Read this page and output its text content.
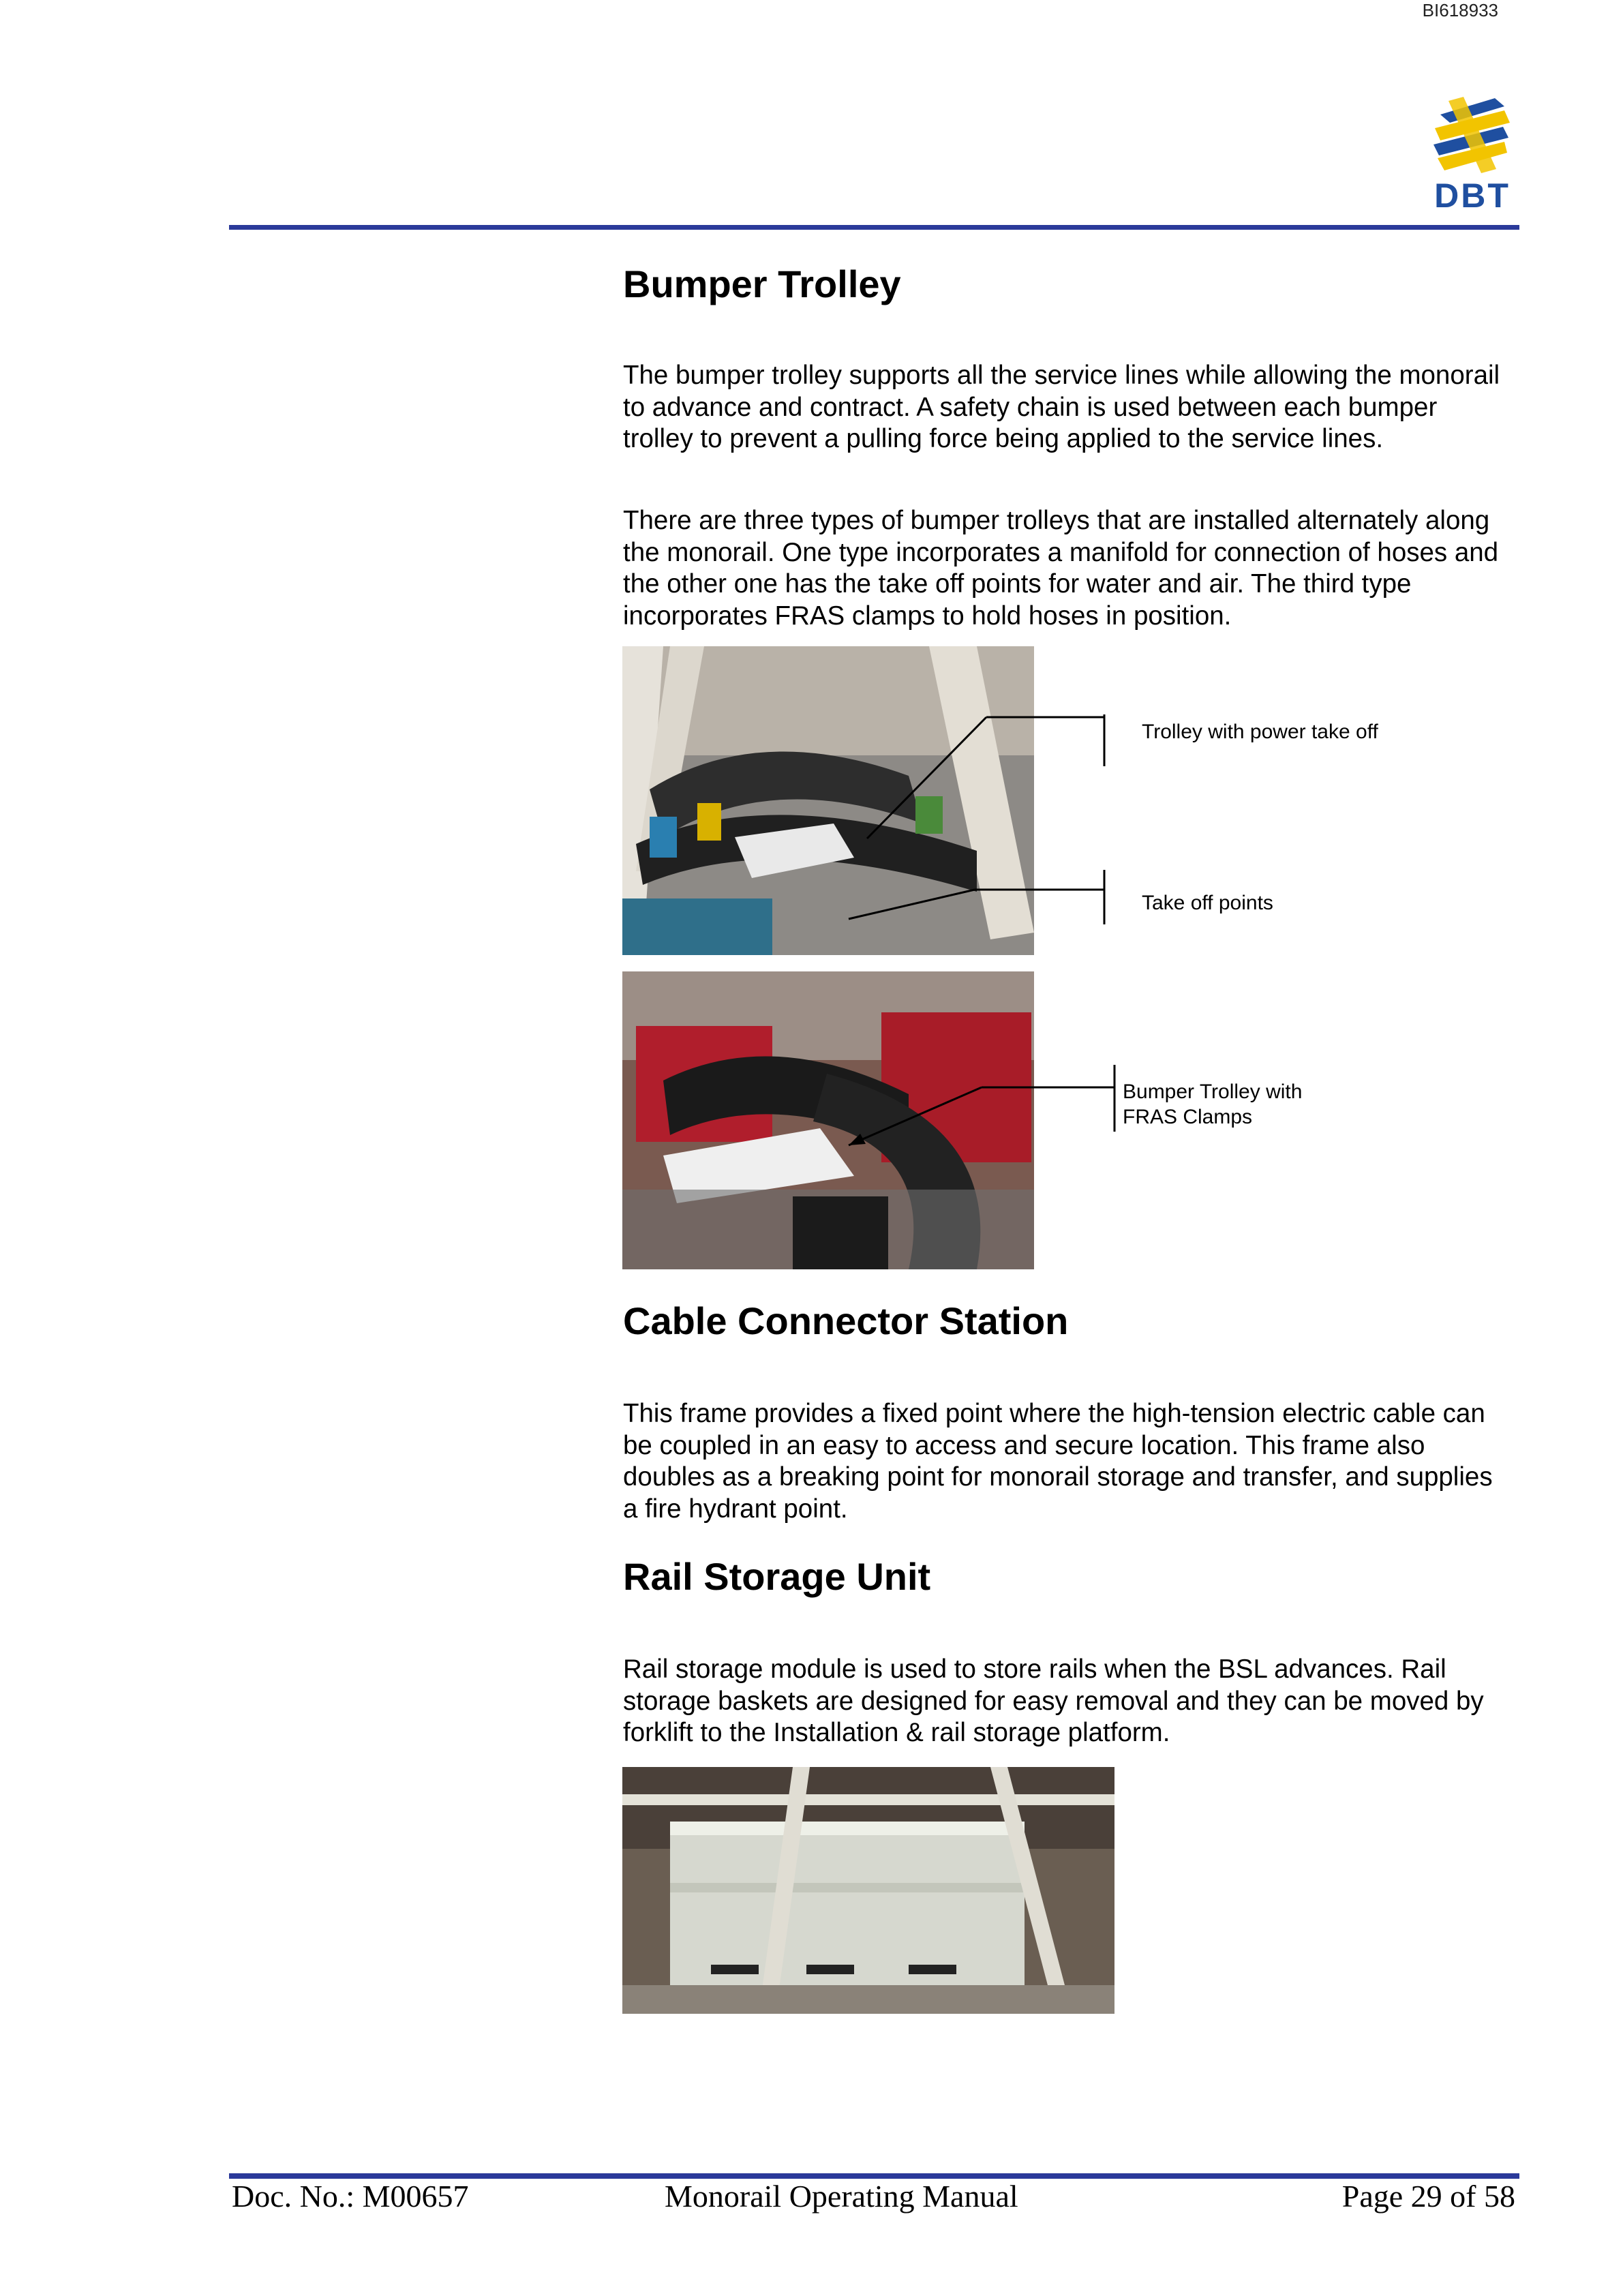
BI618933
DBT
Bumper Trolley
The bumper trolley supports all the service lines while allowing the monorail to advance and contract. A safety chain is used between each bumper trolley to prevent a pulling force being applied to the service lines.
There are three types of bumper trolleys that are installed alternately along the monorail. One type incorporates a manifold for connection of hoses and the other one has the take off points for water and air. The third type incorporates FRAS clamps to hold hoses in position.
Trolley with power take off
Take off points
Bumper Trolley with
FRAS Clamps
Cable Connector Station
This frame provides a fixed point where the high-tension electric cable can be coupled in an easy to access and secure location. This frame also doubles as a breaking point for monorail storage and transfer, and supplies a fire hydrant point.
Rail Storage Unit
Rail storage module is used to store rails when the BSL advances. Rail storage baskets are designed for easy removal and they can be moved by forklift to the Installation & rail storage platform.
Doc. No.: M00657	Monorail Operating Manual	Page 29 of 58
